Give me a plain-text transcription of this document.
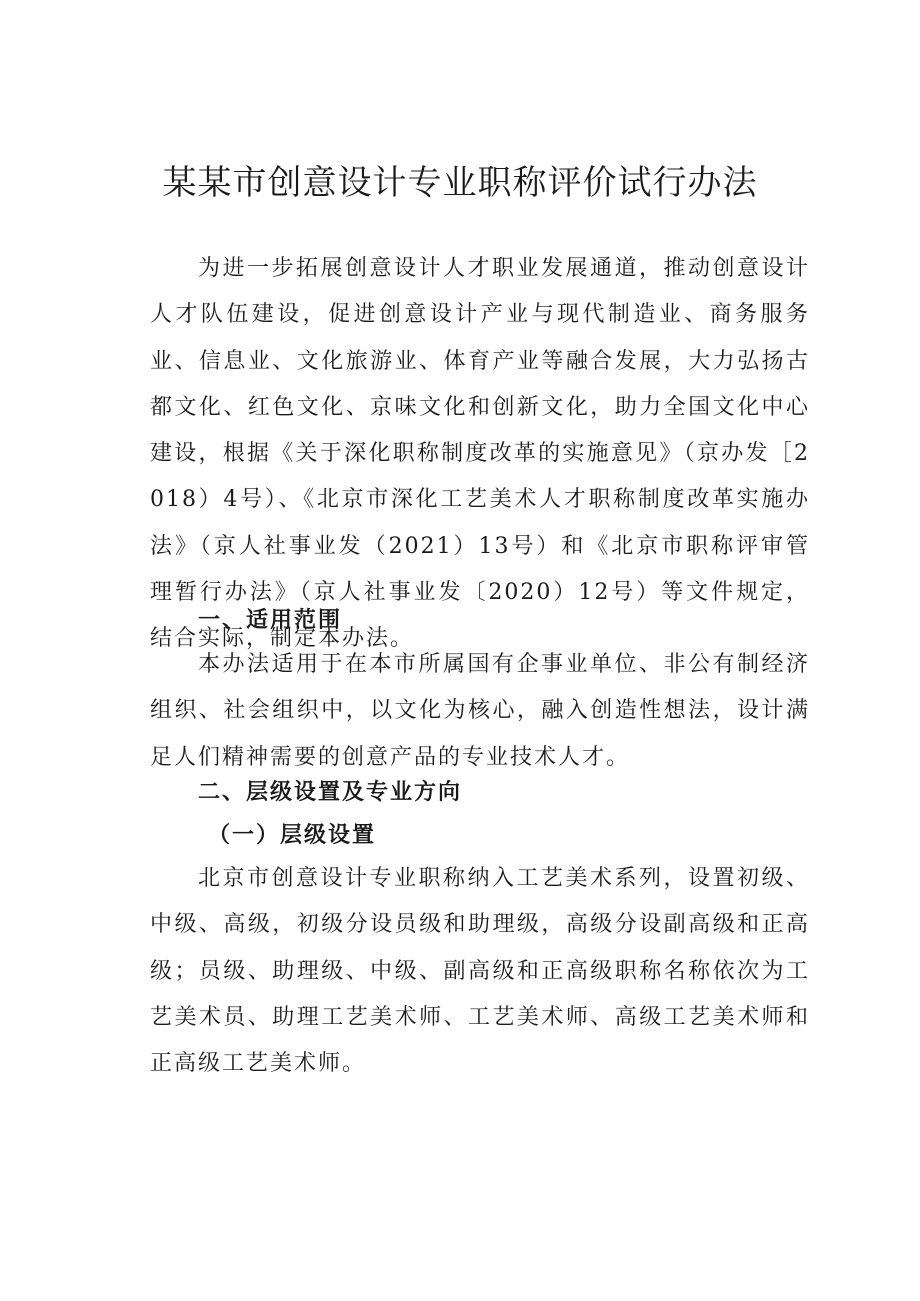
某某市创意设计专业职称评价试行办法

为进一步拓展创意设计人才职业发展通道，推动创意设计人才队伍建设，促进创意设计产业与现代制造业、商务服务业、信息业、文化旅游业、体育产业等融合发展，大力弘扬古都文化、红色文化、京味文化和创新文化，助力全国文化中心建设，根据《关于深化职称制度改革的实施意见》（京办发［2018）4号）、《北京市深化工艺美术人才职称制度改革实施办法》（京人社事业发（2021）13号）和《北京市职称评审管理暂行办法》（京人社事业发〔2020）12号）等文件规定，结合实际，制定本办法。

一、适用范围

本办法适用于在本市所属国有企事业单位、非公有制经济组织、社会组织中，以文化为核心，融入创造性想法，设计满足人们精神需要的创意产品的专业技术人才。

二、层级设置及专业方向
（一）层级设置

北京市创意设计专业职称纳入工艺美术系列，设置初级、中级、高级，初级分设员级和助理级，高级分设副高级和正高级；员级、助理级、中级、副高级和正高级职称名称依次为工艺美术员、助理工艺美术师、工艺美术师、高级工艺美术师和正高级工艺美术师。
